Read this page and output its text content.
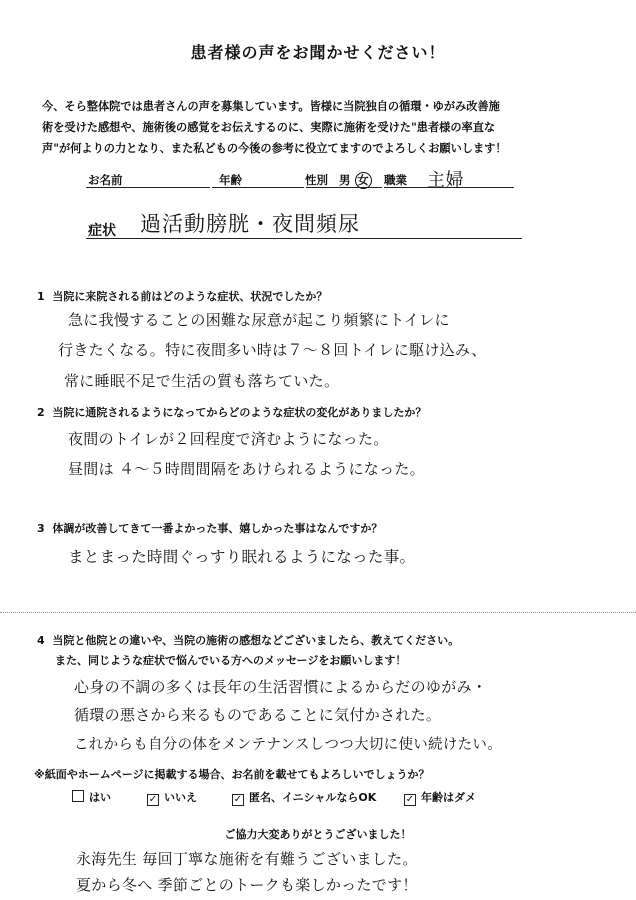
患者様の声をお聞かせください！
今、そら整体院では患者さんの声を募集しています。皆様に当院独自の循環・ゆがみ改善施
術を受けた感想や、施術後の感覚をお伝えするのに、実際に施術を受けた"患者様の率直な
声"が何よりの力となり、また私どもの今後の参考に役立てますのでよろしくお願いします！
お名前	年齢	性別 男 女 職業 主婦
症状 過活動膀胱・夜間頻尿
1 当院に来院される前はどのような症状、状況でしたか？
急に我慢することの困難な尿意が起こり頻繁にトイレに
行きたくなる。特に夜間多い時は７〜８回トイレに駆け込み、
常に睡眠不足で生活の質も落ちていた。
2 当院に通院されるようになってからどのような症状の変化がありましたか？
夜間のトイレが２回程度で済むようになった。
昼間は ４〜５時間間隔をあけられるようになった。
3 体調が改善してきて一番よかった事、嬉しかった事はなんですか？
まとまった時間ぐっすり眠れるようになった事。
4 当院と他院との違いや、当院の施術の感想などございましたら、教えてください。
また、同じような症状で悩んでいる方へのメッセージをお願いします！
心身の不調の多くは長年の生活習慣によるからだのゆがみ・
循環の悪さから来るものであることに気付かされた。
これからも自分の体をメンテナンスしつつ大切に使い続けたい。
※紙面やホームページに掲載する場合、お名前を載せてもよろしいでしょうか？
はい	✓ いいえ	✓ 匿名、イニシャルならOK	✓ 年齢はダメ
ご協力大変ありがとうございました！
永海先生 毎回丁寧な施術を有難うございました。
夏から冬へ 季節ごとのトークも楽しかったです！
